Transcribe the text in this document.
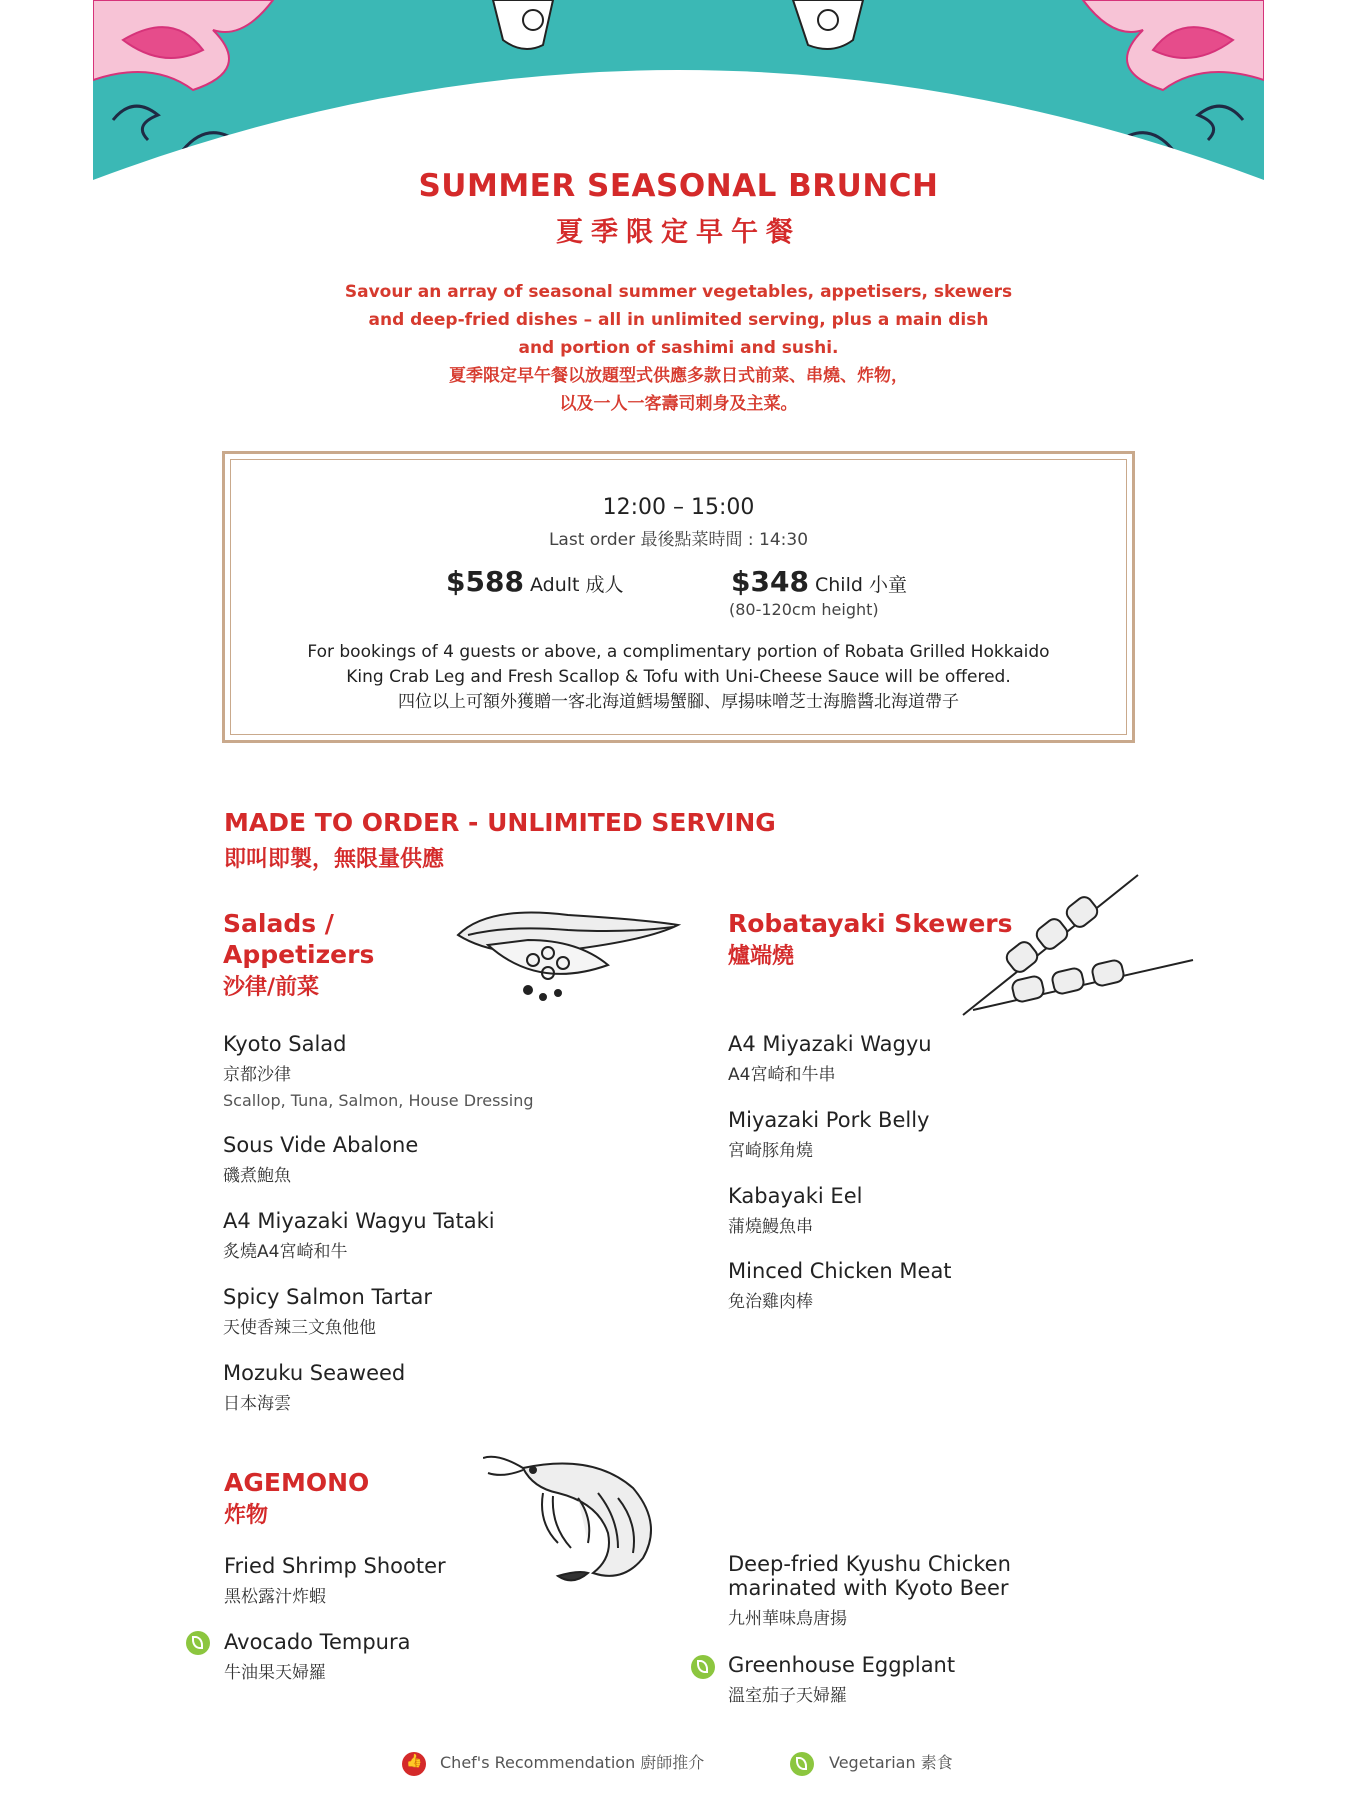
SUMMER SEASONAL BRUNCH
夏季限定早午餐
Savour an array of seasonal summer vegetables, appetisers, skewers
and deep-fried dishes – all in unlimited serving, plus a main dish
and portion of sashimi and sushi.
夏季限定早午餐以放題型式供應多款日式前菜、串燒、炸物，
以及一人一客壽司刺身及主菜。
12:00 – 15:00
Last order 最後點菜時間 : 14:30
$588 Adult 成人	$348 Child 小童
(80-120cm height)
For bookings of 4 guests or above, a complimentary portion of Robata Grilled Hokkaido
King Crab Leg and Fresh Scallop & Tofu with Uni-Cheese Sauce will be offered.
四位以上可額外獲贈一客北海道鱈場蟹腳、厚揚味噌芝士海膽醬北海道帶子
MADE TO ORDER - UNLIMITED SERVING
即叫即製，無限量供應
Salads /
Appetizers
沙律/前菜
Kyoto Salad
京都沙律
Scallop, Tuna, Salmon, House Dressing
Sous Vide Abalone
磯煮鮑魚
A4 Miyazaki Wagyu Tataki
炙燒A4宮崎和牛
Spicy Salmon Tartar
天使香辣三文魚他他
Mozuku Seaweed
日本海雲
Robatayaki Skewers
爐端燒
A4 Miyazaki Wagyu
A4宮崎和牛串
Miyazaki Pork Belly
宮崎豚角燒
Kabayaki Eel
蒲燒鰻魚串
Minced Chicken Meat
免治雞肉棒
AGEMONO
炸物
Fried Shrimp Shooter
黑松露汁炸蝦
Avocado Tempura
牛油果天婦羅
Deep-fried Kyushu Chicken
marinated with Kyoto Beer
九州華味鳥唐揚
Greenhouse Eggplant
溫室茄子天婦羅
👍
Chef's Recommendation 廚師推介	Vegetarian 素食
